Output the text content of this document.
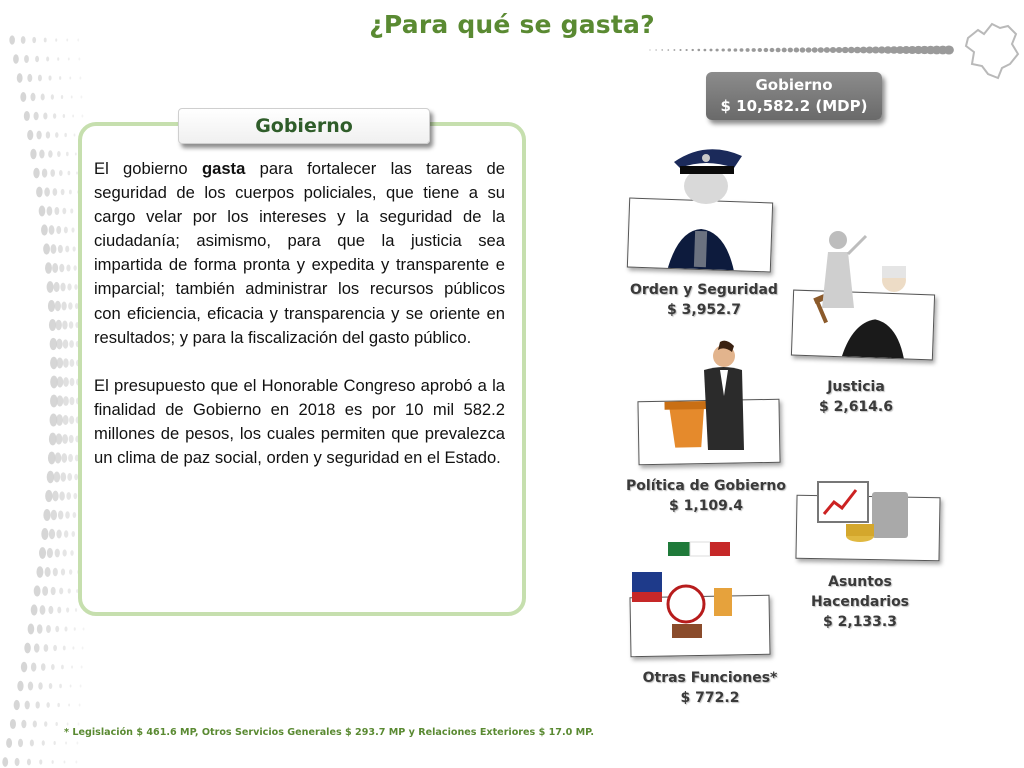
¿Para qué se gasta?
Gobierno
$ 10,582.2 (MDP)
Gobierno

El gobierno gasta para fortalecer las tareas de seguridad de los cuerpos policiales, que tiene a su cargo velar por los intereses y la seguridad de la ciudadanía; asimismo, para que la justicia sea impartida de forma pronta y expedita y transparente e imparcial; también administrar los recursos públicos con eficiencia, eficacia y transparencia y se oriente en resultados; y para la fiscalización del gasto público.

El presupuesto que el Honorable Congreso aprobó a la finalidad de Gobierno en 2018 es por 10 mil 582.2 millones de pesos, los cuales permiten que prevalezca un clima de paz social, orden y seguridad en el Estado.

Orden y Seguridad
$ 3,952.7
Justicia
$ 2,614.6
Política de Gobierno
$ 1,109.4
Asuntos Hacendarios
$ 2,133.3
Otras Funciones*
$ 772.2
* Legislación $ 461.6 MP, Otros Servicios Generales $ 293.7 MP y Relaciones Exteriores $ 17.0 MP.
